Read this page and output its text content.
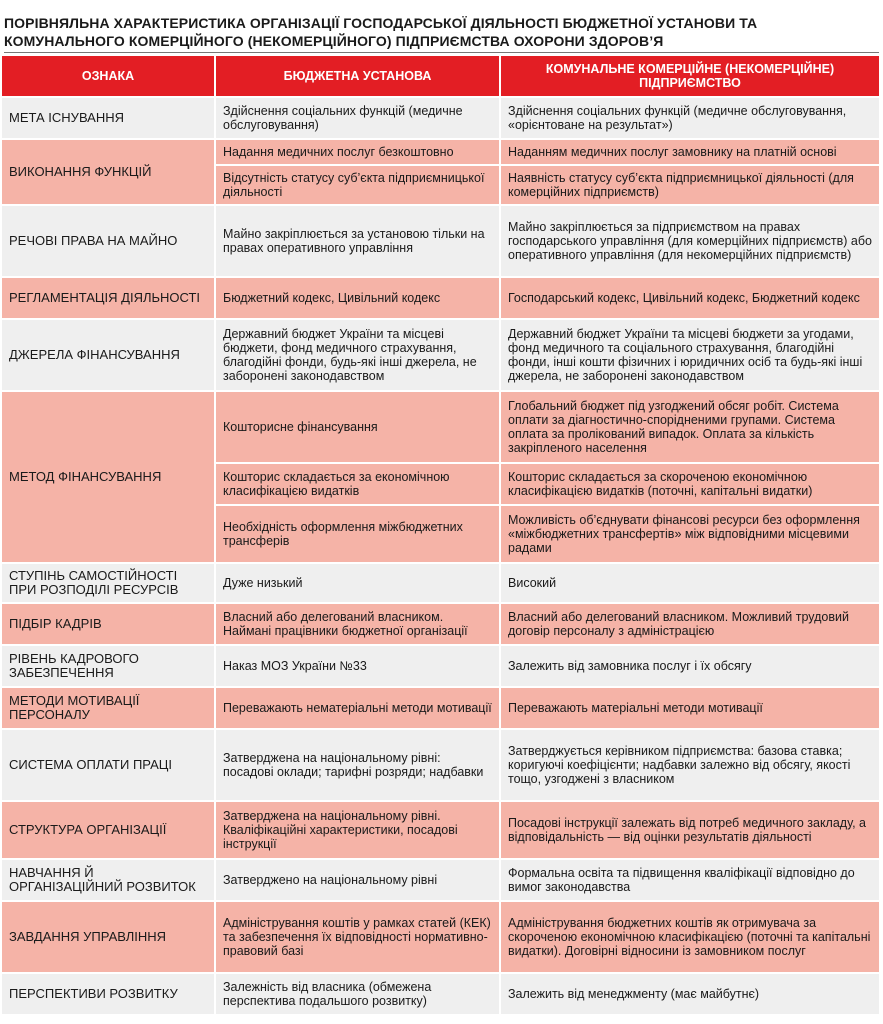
ПОРІВНЯЛЬНА ХАРАКТЕРИСТИКА ОРГАНІЗАЦІЇ ГОСПОДАРСЬКОЇ ДІЯЛЬНОСТІ БЮДЖЕТНОЇ УСТАНОВИ ТА КОМУНАЛЬНОГО КОМЕРЦІЙНОГО (НЕКОМЕРЦІЙНОГО) ПІДПРИЄМСТВА ОХОРОНИ ЗДОРОВ’Я
ОЗНАКА	БЮДЖЕТНА УСТАНОВА	КОМУНАЛЬНЕ КОМЕРЦІЙНЕ (НЕКОМЕРЦІЙНЕ) ПІДПРИЄМСТВО
МЕТА ІСНУВАННЯ	Здійснення соціальних функцій (медичне обслуговування)	Здійснення соціальних функцій (медичне обслуговування, «орієнтоване на результат»)
ВИКОНАННЯ ФУНКЦІЙ	Надання медичних послуг безкоштовно	Наданням медичних послуг замовнику на платній основі
	Відсутність статусу суб’єкта підприємницької діяльності	Наявність статусу суб’єкта підприємницької діяльності (для комерційних підприємств)
РЕЧОВІ ПРАВА НА МАЙНО	Майно закріплюється за установою тільки на правах оперативного управління	Майно закріплюється за підприємством на правах господарського управління (для комерційних підприємств) або оперативного управління (для некомерційних підприємств)
РЕГЛАМЕНТАЦІЯ ДІЯЛЬНОСТІ	Бюджетний кодекс, Цивільний кодекс	Господарський кодекс, Цивільний кодекс, Бюджетний кодекс
ДЖЕРЕЛА ФІНАНСУВАННЯ	Державний бюджет України та місцеві бюджети, фонд медичного страхування, благодійні фонди, будь-які інші джерела, не заборонені законодавством	Державний бюджет України та місцеві бюджети за угодами, фонд медичного та соціального страхування, благодійні фонди, інші кошти фізичних і юридичних осіб та будь-які інші джерела, не заборонені законодавством
МЕТОД ФІНАНСУВАННЯ	Кошторисне фінансування	Глобальний бюджет під узгоджений обсяг робіт. Система оплати за діагностично-спорідненими групами. Система оплата за пролікований випадок. Оплата за кількість закріпленого населення
	Кошторис складається за економічною класифікацією видатків	Кошторис складається за скороченою економічною класифікацією видатків (поточні, капітальні видатки)
	Необхідність оформлення міжбюджетних трансферів	Можливість об’єднувати фінансові ресурси без оформлення «міжбюджетних трансфертів» між відповідними місцевими радами
СТУПІНЬ САМОСТІЙНОСТІ ПРИ РОЗПОДІЛІ РЕСУРСІВ	Дуже низький	Високий
ПІДБІР КАДРІВ	Власний або делегований власником. Наймані працівники бюджетної організації	Власний або делегований власником. Можливий трудовий договір персоналу з адміністрацією
РІВЕНЬ КАДРОВОГО ЗАБЕЗПЕЧЕННЯ	Наказ МОЗ України №33	Залежить від замовника послуг і їх обсягу
МЕТОДИ МОТИВАЦІЇ ПЕРСОНАЛУ	Переважають нематеріальні методи мотивації	Переважають матеріальні методи мотивації
СИСТЕМА ОПЛАТИ ПРАЦІ	Затверджена на національному рівні: посадові оклади; тарифні розряди; надбавки	Затверджується керівником підприємства: базова ставка; коригуючі коефіцієнти; надбавки залежно від обсягу, якості тощо, узгоджені з власником
СТРУКТУРА ОРГАНІЗАЦІЇ	Затверджена на національному рівні. Кваліфікаційні характеристики, посадові інструкції	Посадові інструкції залежать від потреб медичного закладу, а відповідальність — від оцінки результатів діяльності
НАВЧАННЯ Й ОРГАНІЗАЦІЙНИЙ РОЗВИТОК	Затверджено на національному рівні	Формальна освіта та підвищення кваліфікації відповідно до вимог законодавства
ЗАВДАННЯ УПРАВЛІННЯ	Адміністрування коштів у рамках статей (КЕК) та забезпечення їх відповідності нормативно-правовий базі	Адміністрування бюджетних коштів як отримувача за скороченою економічною класифікацією (поточні та капітальні видатки). Договірні відносини із замовником послуг
ПЕРСПЕКТИВИ РОЗВИТКУ	Залежність від власника (обмежена перспектива подальшого розвитку)	Залежить від менеджменту (має майбутнє)
